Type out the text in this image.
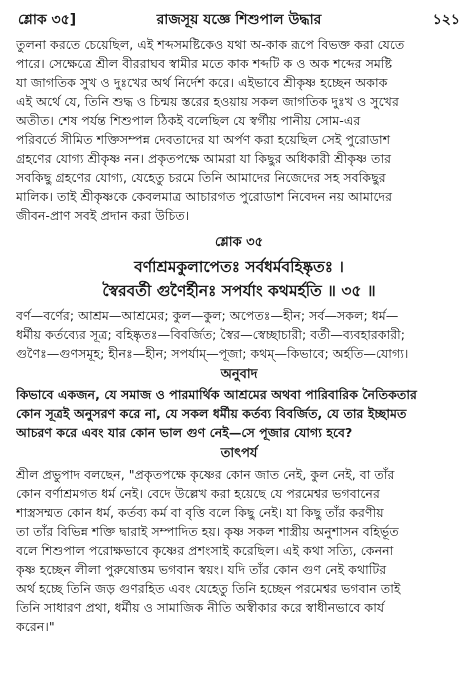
শ্লোক ৩৫]	রাজসূয় যজ্ঞে শিশুপাল উদ্ধার	১২১
তুলনা করতে চেয়েছিল, এই শব্দসমষ্টিকেও যথা অ-কাক রূপে বিভক্ত করা যেতে
পারে। সেক্ষেত্রে শ্রীল বীররাঘব স্বামীর মতে কাক শব্দটি ক ও অক শব্দের সমষ্টি
যা জাগতিক সুখ ও দুঃখের অর্থ নির্দেশ করে। এইভাবে শ্রীকৃষ্ণ হচ্ছেন অকাক
এই অর্থে যে, তিনি শুদ্ধ ও চিন্ময় স্তরের হওয়ায় সকল জাগতিক দুঃখ ও সুখের
অতীত। শেষ পর্যন্ত শিশুপাল ঠিকই বলেছিল যে স্বর্গীয় পানীয় সোম-এর
পরিবর্তে সীমিত শক্তিসম্পন্ন দেবতাদের যা অর্পণ করা হয়েছিল সেই পুরোডাশ
গ্রহণের যোগ্য শ্রীকৃষ্ণ নন। প্রকৃতপক্ষে আমরা যা কিছুর অধিকারী শ্রীকৃষ্ণ তার
সবকিছু গ্রহণের যোগ্য, যেহেতু চরমে তিনি আমাদের নিজেদের সহ সবকিছুর
মালিক। তাই শ্রীকৃষ্ণকে কেবলমাত্র আচারগত পুরোডাশ নিবেদন নয় আমাদের
জীবন-প্রাণ সবই প্রদান করা উচিত।
শ্লোক ৩৫
বর্ণাশ্রমকুলাপেতঃ সর্বধর্মবহিষ্কৃতঃ ।
স্বৈরবর্তী গুণৈর্হীনঃ সপর্যাং কথমর্হতি ॥ ৩৫ ॥
বর্ণ—বর্ণের; আশ্রম—আশ্রমের; কুল—কুল; অপেতঃ—হীন; সর্ব—সকল; ধর্ম—
ধর্মীয় কর্তব্যের সূত্র; বহিষ্কৃতঃ—বিবর্জিত; স্বৈর—স্বেচ্ছাচারী; বর্তী—ব্যবহারকারী;
গুণৈঃ—গুণসমূহ; হীনঃ—হীন; সপর্যাম্—পূজা; কথম্—কিভাবে; অর্হতি—যোগ্য।
অনুবাদ
কিভাবে একজন, যে সমাজ ও পারমার্থিক আশ্রমের অথবা পারিবারিক নৈতিকতার
কোন সূত্রই অনুসরণ করে না, যে সকল ধর্মীয় কর্তব্য বিবর্জিত, যে তার ইচ্ছামত
আচরণ করে এবং যার কোন ভাল গুণ নেই—সে পূজার যোগ্য হবে?
তাৎপর্য
শ্রীল প্রভুপাদ বলছেন, "প্রকৃতপক্ষে কৃষ্ণের কোন জাত নেই, কুল নেই, বা তাঁর
কোন বর্ণাশ্রমগত ধর্ম নেই। বেদে উল্লেখ করা হয়েছে যে পরমেশ্বর ভগবানের
শাস্ত্রসম্মত কোন ধর্ম, কর্তব্য কর্ম বা বৃত্তি বলে কিছু নেই। যা কিছু তাঁর করণীয়
তা তাঁর বিভিন্ন শক্তি দ্বারাই সম্পাদিত হয়। কৃষ্ণ সকল শাস্ত্রীয় অনুশাসন বহির্ভূত
বলে শিশুপাল পরোক্ষভাবে কৃষ্ণের প্রশংসাই করেছিল। এই কথা সত্যি, কেননা
কৃষ্ণ হচ্ছেন লীলা পুরুষোত্তম ভগবান স্বয়ং। যদি তাঁর কোন গুণ নেই কথাটির
অর্থ হচ্ছে তিনি জড় গুণরহিত এবং যেহেতু তিনি হচ্ছেন পরমেশ্বর ভগবান তাই
তিনি সাধারণ প্রথা, ধর্মীয় ও সামাজিক নীতি অস্বীকার করে স্বাধীনভাবে কার্য
করেন।"
